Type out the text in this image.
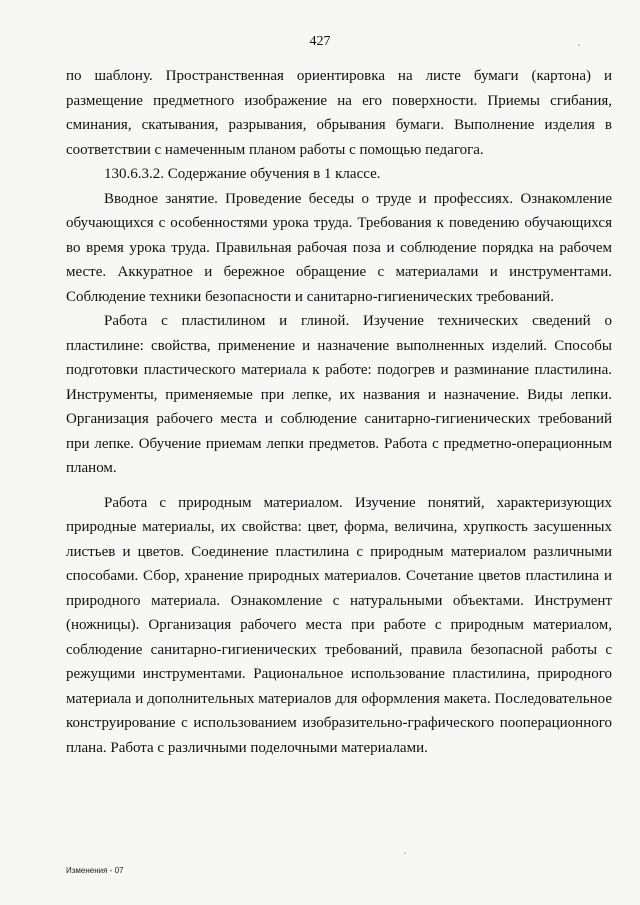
427

по шаблону. Пространственная ориентировка на листе бумаги (картона) и размещение предметного изображение на его поверхности. Приемы сгибания, сминания, скатывания, разрывания, обрывания бумаги. Выполнение изделия в соответствии с намеченным планом работы с помощью педагога.

130.6.3.2. Содержание обучения в 1 классе.

Вводное занятие. Проведение беседы о труде и профессиях. Ознакомление обучающихся с особенностями урока труда. Требования к поведению обучающихся во время урока труда. Правильная рабочая поза и соблюдение порядка на рабочем месте. Аккуратное и бережное обращение с материалами и инструментами. Соблюдение техники безопасности и санитарно-гигиенических требований.

Работа с пластилином и глиной. Изучение технических сведений о пластилине: свойства, применение и назначение выполненных изделий. Способы подготовки пластического материала к работе: подогрев и разминание пластилина. Инструменты, применяемые при лепке, их названия и назначение. Виды лепки. Организация рабочего места и соблюдение санитарно-гигиенических требований при лепке. Обучение приемам лепки предметов. Работа с предметно-операционным планом.

Работа с природным материалом. Изучение понятий, характеризующих природные материалы, их свойства: цвет, форма, величина, хрупкость засушенных листьев и цветов. Соединение пластилина с природным материалом различными способами. Сбор, хранение природных материалов. Сочетание цветов пластилина и природного материала. Ознакомление с натуральными объектами. Инструмент (ножницы). Организация рабочего места при работе с природным материалом, соблюдение санитарно-гигиенических требований, правила безопасной работы с режущими инструментами. Рациональное использование пластилина, природного материала и дополнительных материалов для оформления макета. Последовательное конструирование с использованием изобразительно-графического пооперационного плана. Работа с различными поделочными материалами.

Изменения - 07
